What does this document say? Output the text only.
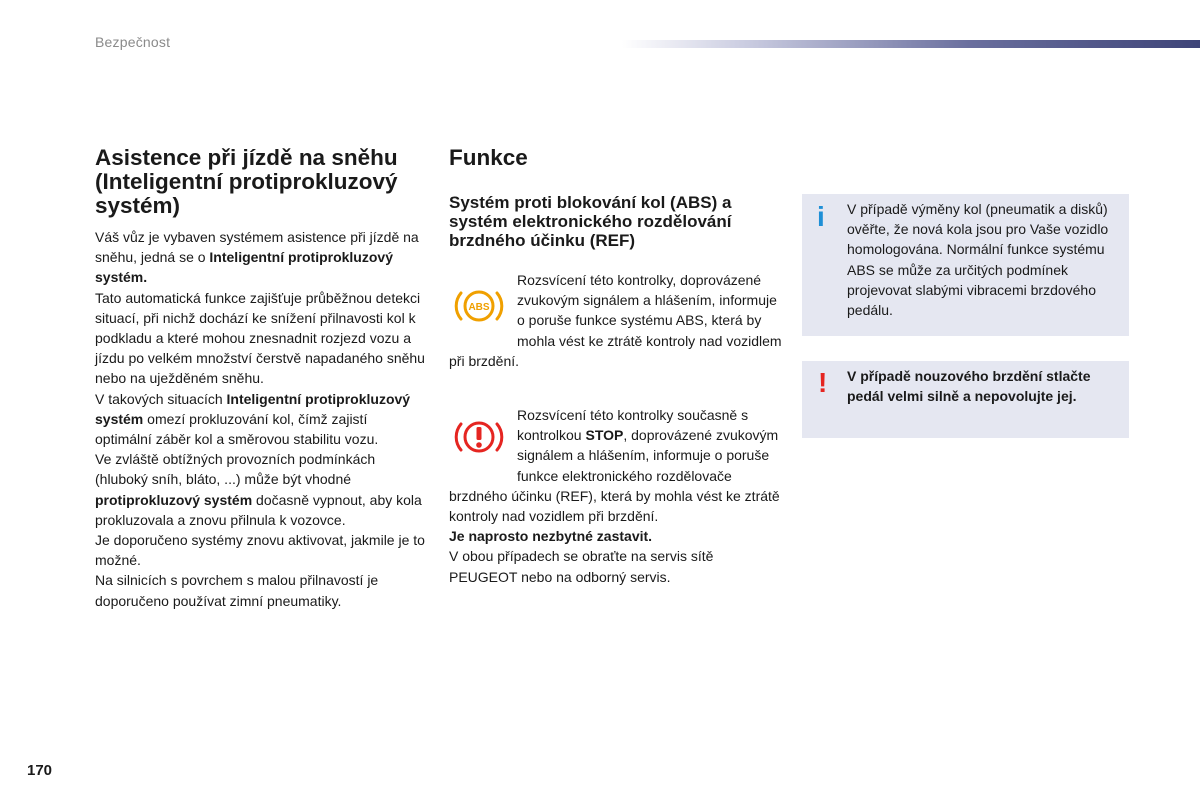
Bezpečnost
Asistence při jízdě na sněhu (Inteligentní protiprokluzový systém)

Váš vůz je vybaven systémem asistence při jízdě na sněhu, jedná se o Inteligentní protiprokluzový systém.

Tato automatická funkce zajišťuje průběžnou detekci situací, při nichž dochází ke snížení přilnavosti kol k podkladu a které mohou znesnadnit rozjezd vozu a jízdu po velkém množství čerstvě napadaného sněhu nebo na uježděném sněhu.

V takových situacích Inteligentní protiprokluzový systém omezí prokluzování kol, čímž zajistí optimální záběr kol a směrovou stabilitu vozu.

Ve zvláště obtížných provozních podmínkách (hluboký sníh, bláto, ...) může být vhodné protiprokluzový systém dočasně vypnout, aby kola prokluzovala a znovu přilnula k vozovce.

Je doporučeno systémy znovu aktivovat, jakmile je to možné.

Na silnicích s povrchem s malou přilnavostí je doporučeno používat zimní pneumatiky.

Funkce
Systém proti blokování kol (ABS) a systém elektronického rozdělování brzdného účinku (REF)
ABS
Rozsvícení této kontrolky, doprovázené zvukovým signálem a hlášením, informuje o poruše funkce systému ABS, která by mohla vést ke ztrátě kontroly nad vozidlem při brzdění.
Rozsvícení této kontrolky současně s kontrolkou STOP, doprovázené zvukovým signálem a hlášením, informuje o poruše funkce elektronického rozdělovače brzdného účinku (REF), která by mohla vést ke ztrátě kontroly nad vozidlem při brzdění.
Je naprosto nezbytné zastavit.
V obou případech se obraťte na servis sítě PEUGEOT nebo na odborný servis.
i V případě výměny kol (pneumatik a disků) ověřte, že nová kola jsou pro Vaše vozidlo homologována. Normální funkce systému ABS se může za určitých podmínek projevovat slabými vibracemi brzdového pedálu.
! V případě nouzového brzdění stlačte pedál velmi silně a nepovolujte jej.
170
